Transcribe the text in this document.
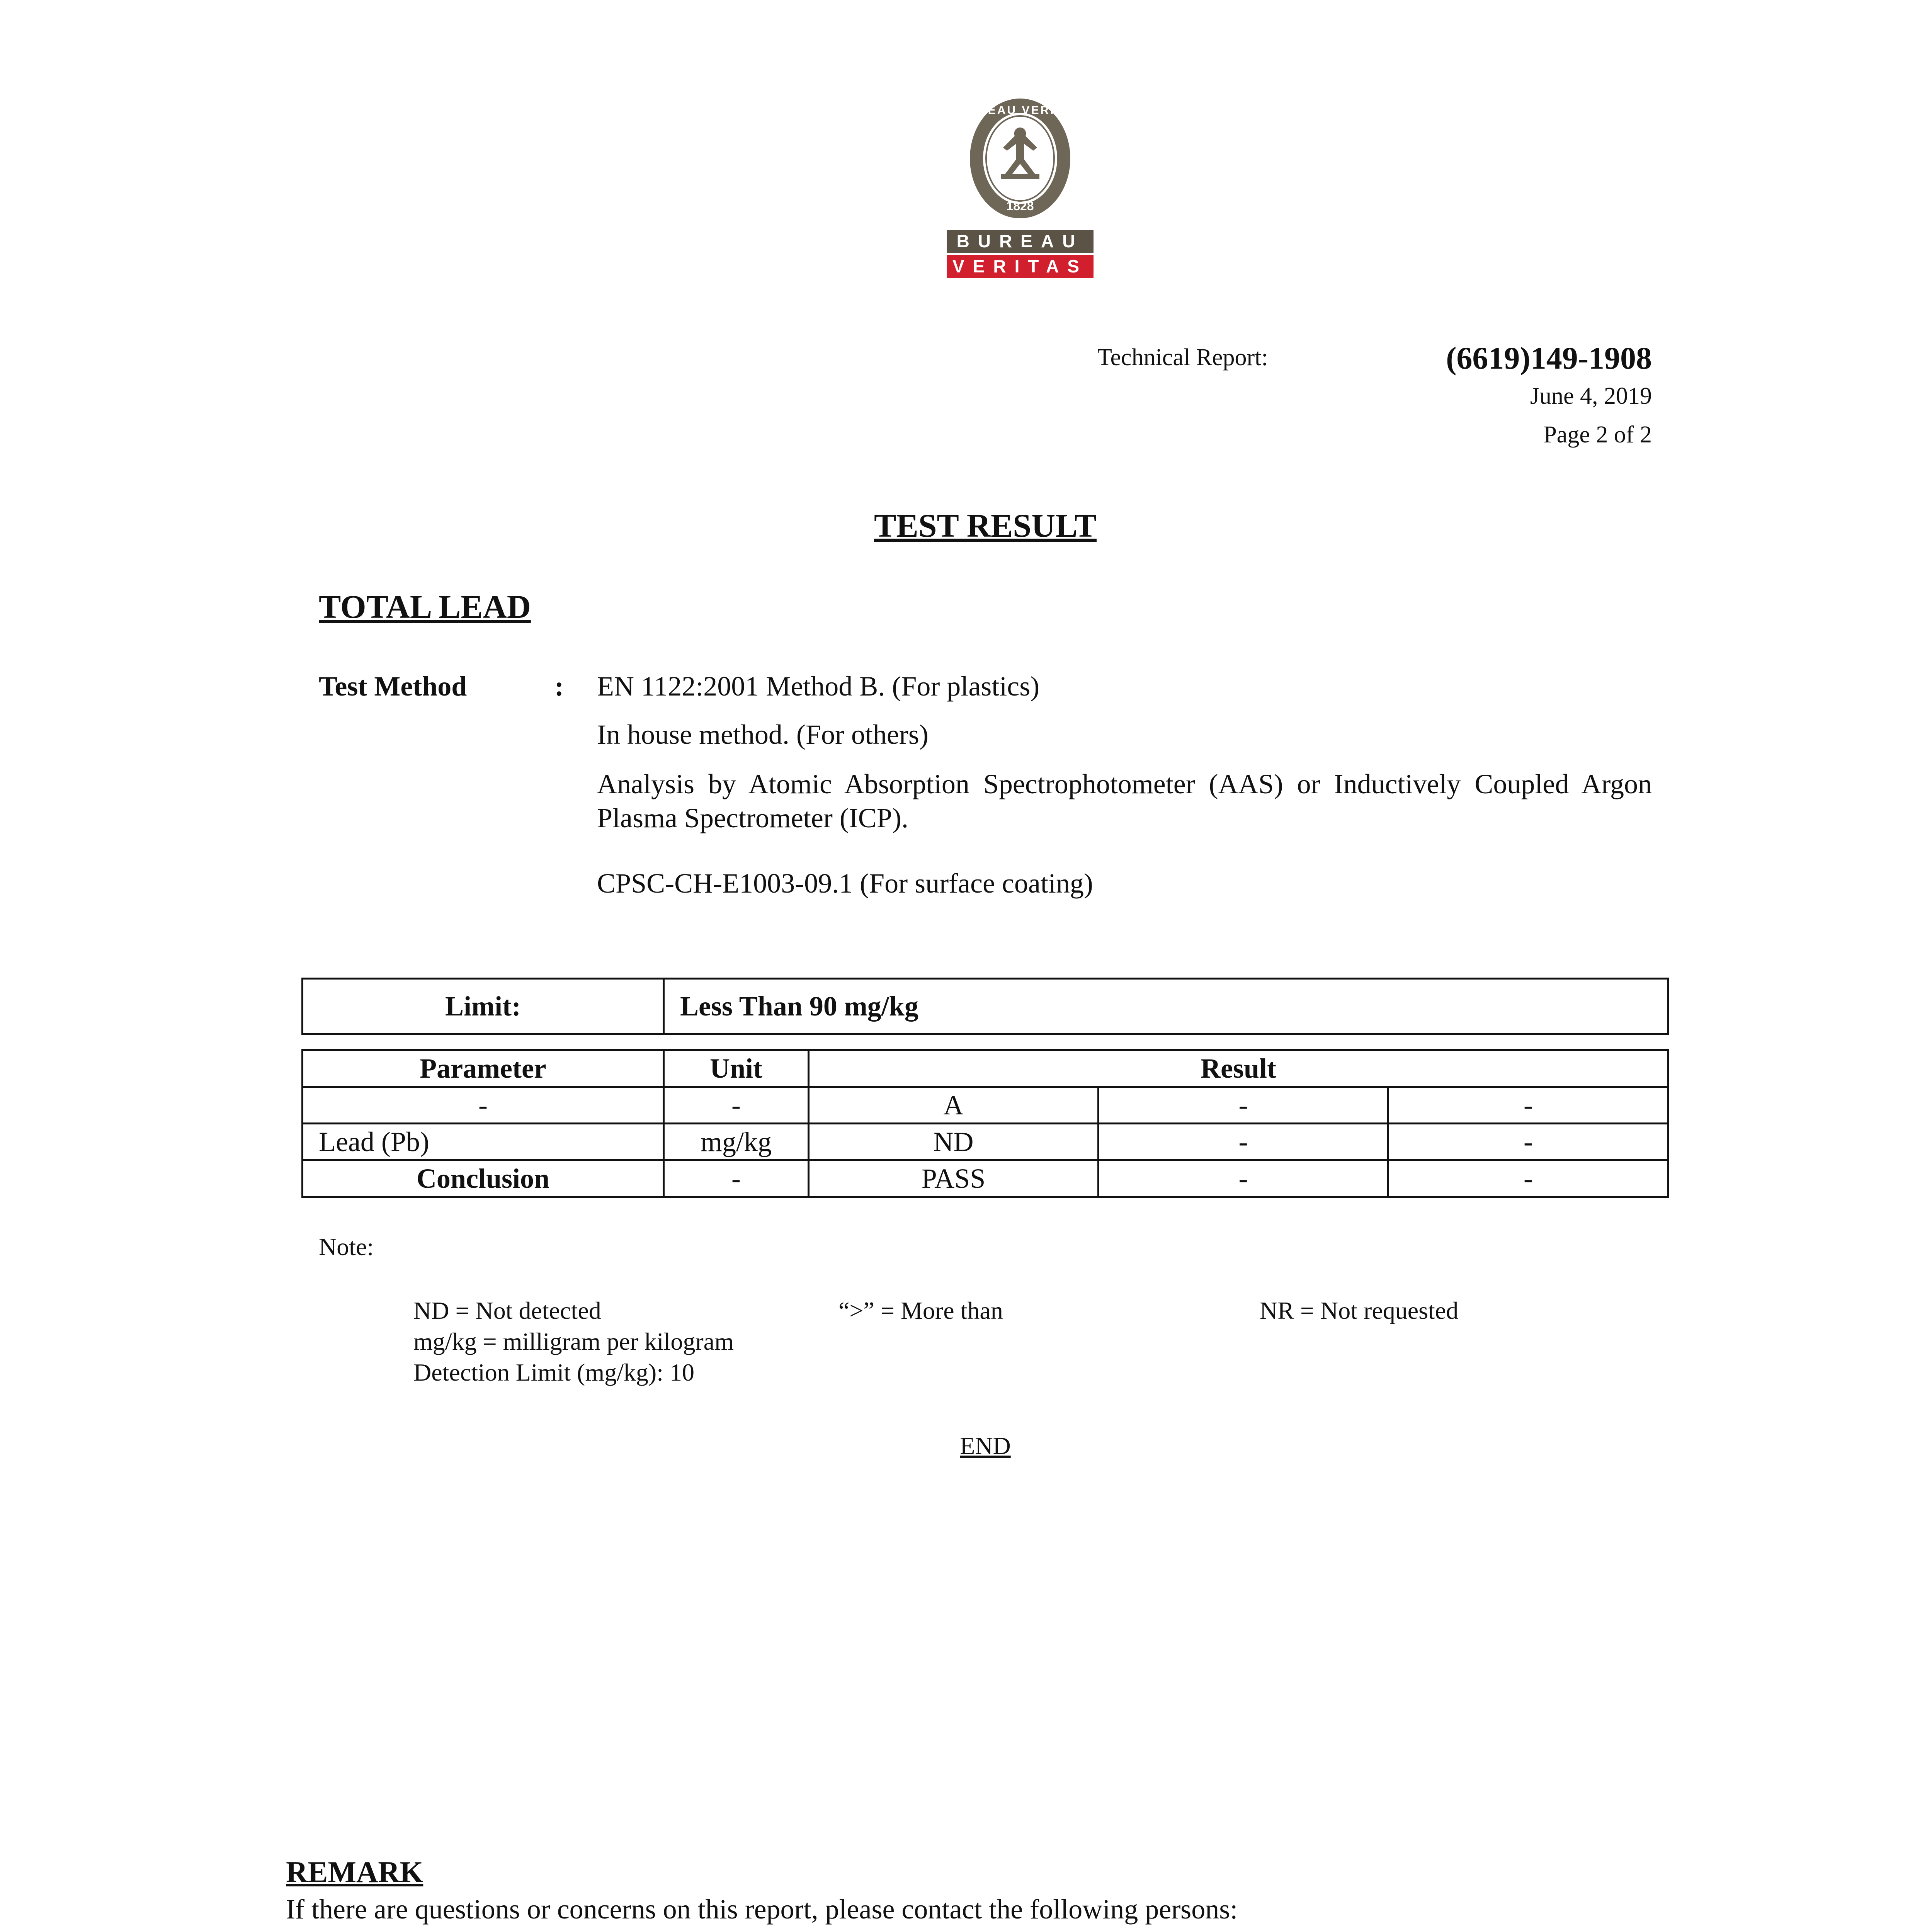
BUREAU VERITAS
1828
BUREAU
VERITAS
Technical Report:	(6619)149-1908
June 4, 2019
Page 2 of 2
TEST RESULT
TOTAL LEAD
Test Method	: EN 1122:2001 Method B. (For plastics)
In house method. (For others)
Analysis by Atomic Absorption Spectrophotometer (AAS) or Inductively Coupled Argon Plasma Spectrometer (ICP).
CPSC-CH-E1003-09.1 (For surface coating)
Limit:	Less Than 90 mg/kg
Parameter	Unit	Result		
-	-	A	-	-
Lead (Pb)	mg/kg	ND	-	-
Conclusion	-	PASS	-	-
Note:
ND = Not detected	“>” = More than	NR = Not requested
mg/kg = milligram per kilogram
Detection Limit (mg/kg): 10
END
REMARK
If there are questions or concerns on this report, please contact the following persons:
